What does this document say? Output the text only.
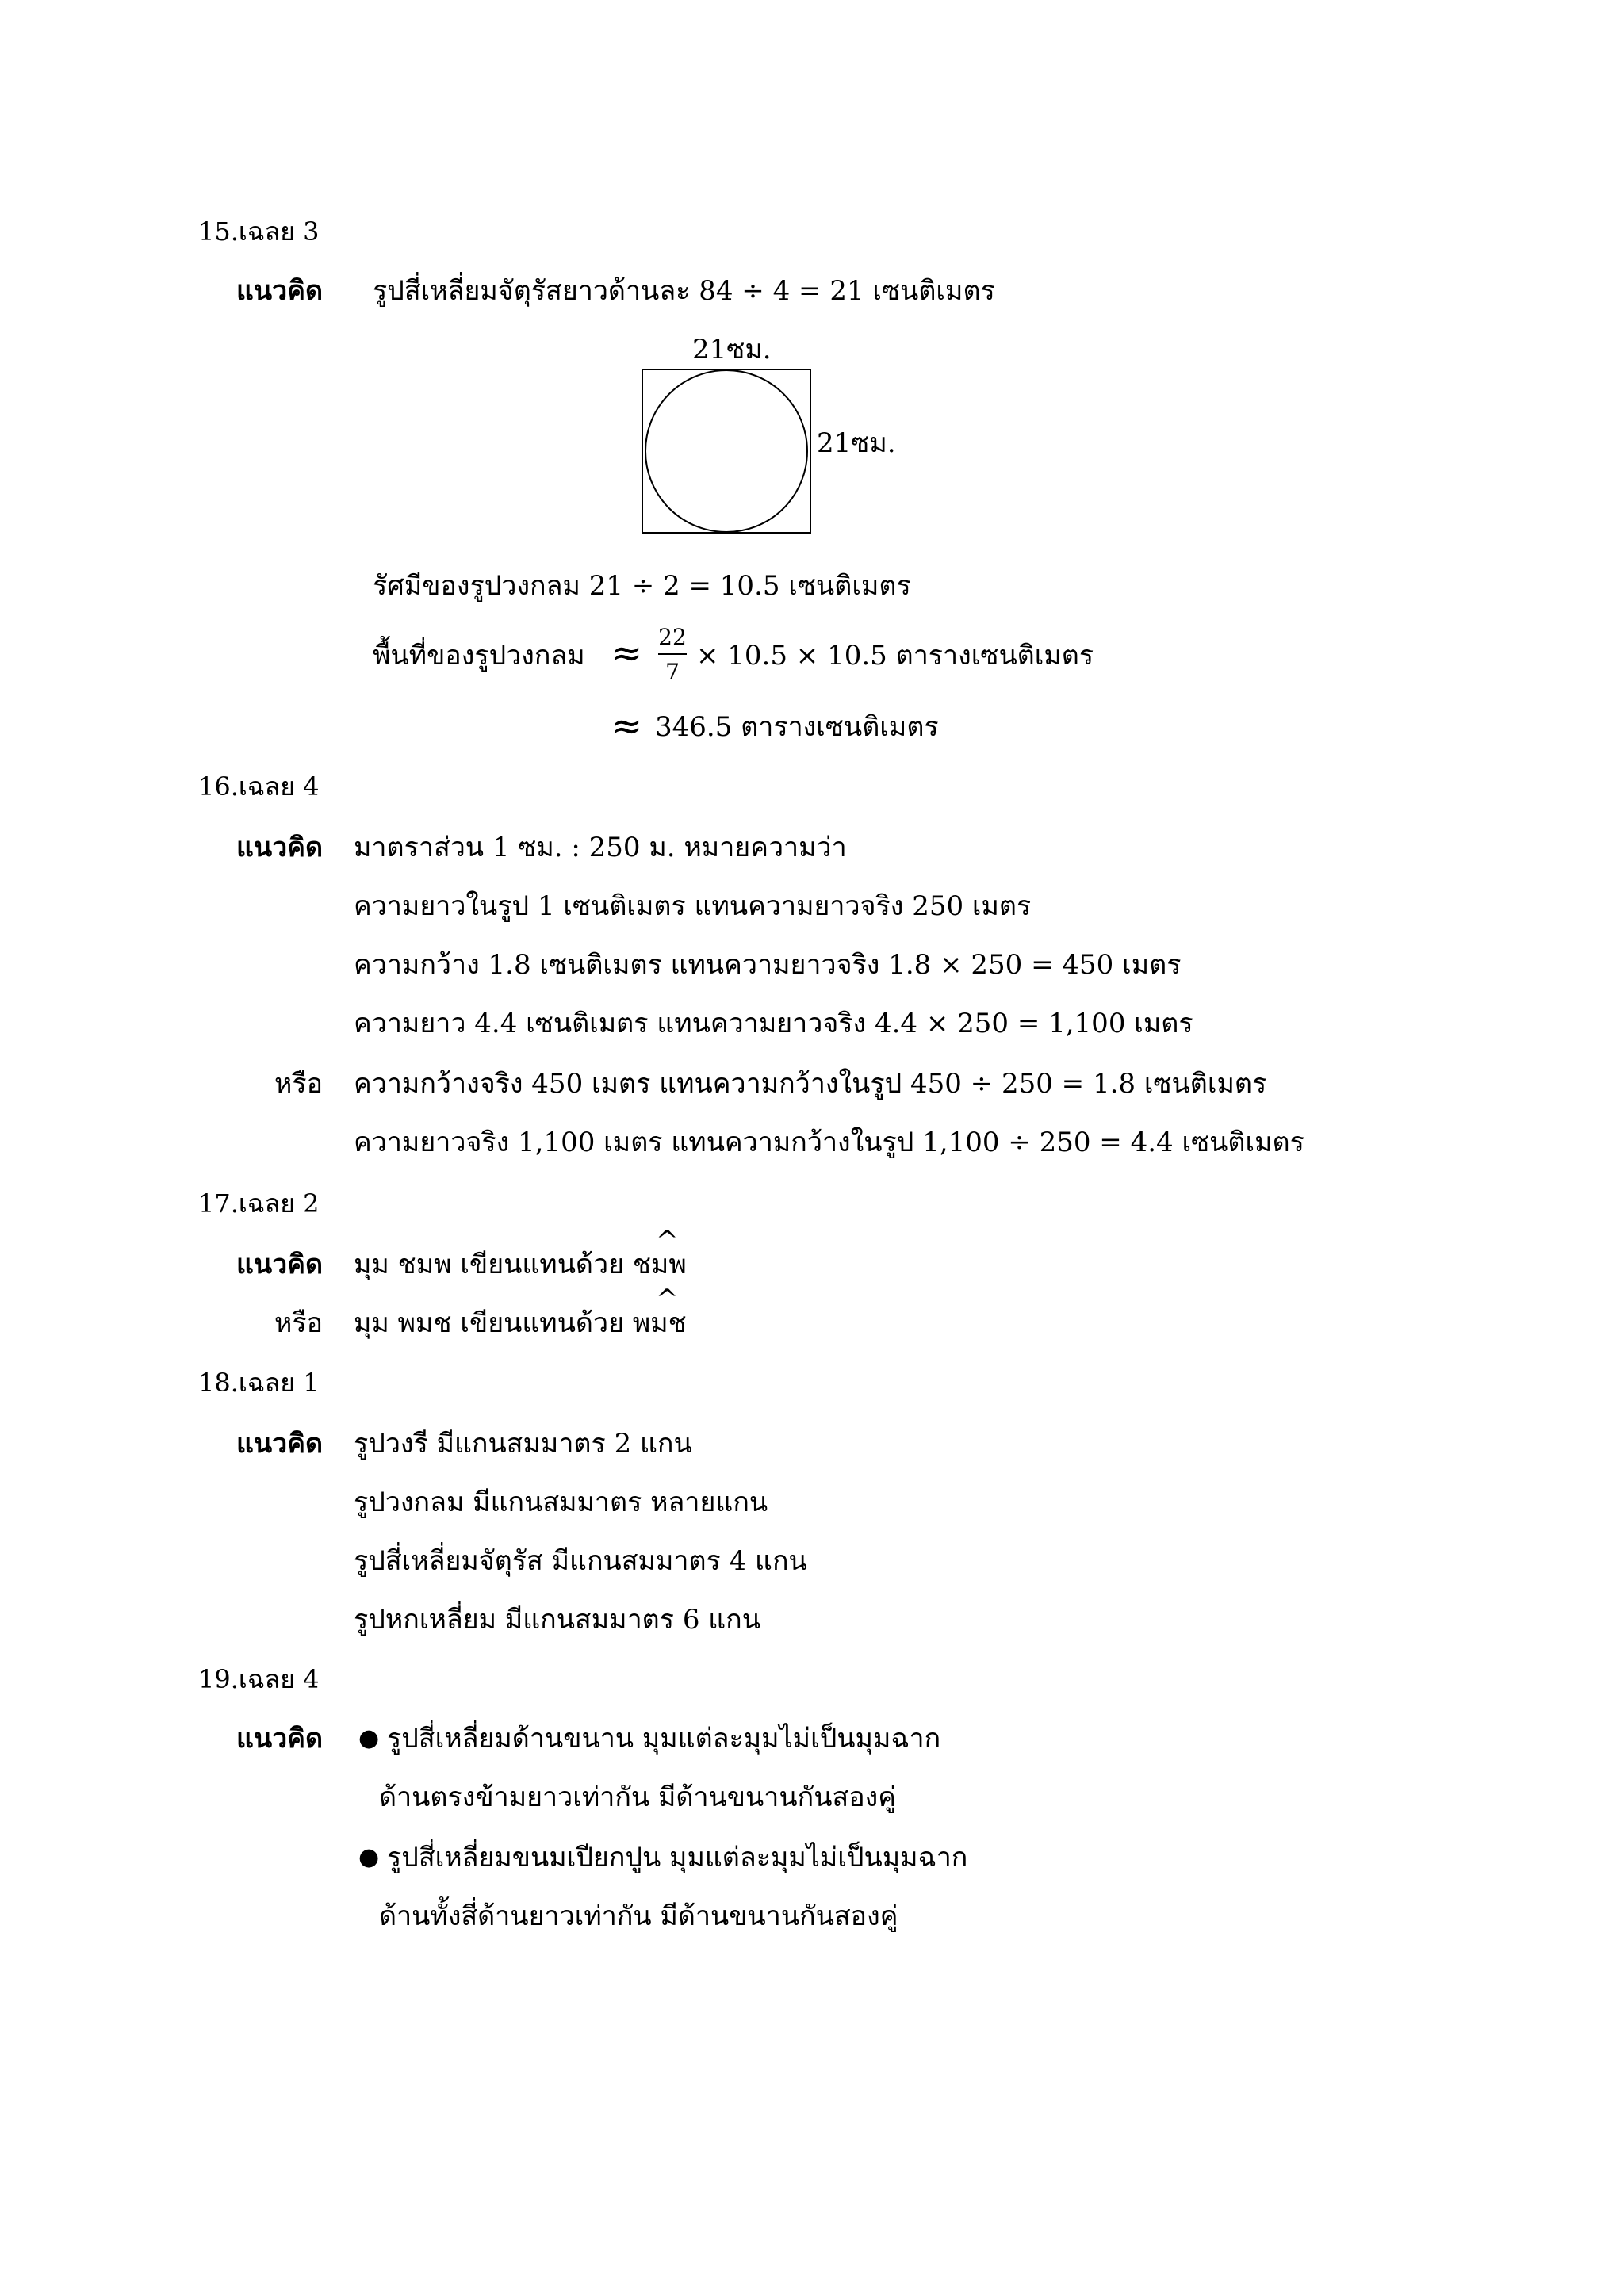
15.เฉลย 3
แนวคิด รูปสี่เหลี่ยมจัตุรัสยาวด้านละ 84 ÷ 4 = 21 เซนติเมตร
21ซม.
21ซม.
รัศมีของรูปวงกลม 21 ÷ 2 = 10.5 เซนติเมตร
พื้นที่ของรูปวงกลม ≈ 22
7
× 10.5 × 10.5 ตารางเซนติเมตร
≈ 346.5 ตารางเซนติเมตร
16.เฉลย 4
แนวคิด มาตราส่วน 1 ซม. : 250 ม. หมายความว่า
ความยาวในรูป 1 เซนติเมตร แทนความยาวจริง 250 เมตร
ความกว้าง 1.8 เซนติเมตร แทนความยาวจริง 1.8 × 250 = 450 เมตร
ความยาว 4.4 เซนติเมตร แทนความยาวจริง 4.4 × 250 = 1,100 เมตร
หรือ ความกว้างจริง 450 เมตร แทนความกว้างในรูป 450 ÷ 250 = 1.8 เซนติเมตร
ความยาวจริง 1,100 เมตร แทนความกว้างในรูป 1,100 ÷ 250 = 4.4 เซนติเมตร
17.เฉลย 2
แนวคิด มุม ชมพ เขียนแทนด้วย ชมพ
^
หรือ มุม พมช เขียนแทนด้วย พมช
^
18.เฉลย 1
แนวคิด รูปวงรี มีแกนสมมาตร 2 แกน
รูปวงกลม มีแกนสมมาตร หลายแกน
รูปสี่เหลี่ยมจัตุรัส มีแกนสมมาตร 4 แกน
รูปหกเหลี่ยม มีแกนสมมาตร 6 แกน
19.เฉลย 4
แนวคิด ● รูปสี่เหลี่ยมด้านขนาน มุมแต่ละมุมไม่เป็นมุมฉาก
ด้านตรงข้ามยาวเท่ากัน มีด้านขนานกันสองคู่
● รูปสี่เหลี่ยมขนมเปียกปูน มุมแต่ละมุมไม่เป็นมุมฉาก
ด้านทั้งสี่ด้านยาวเท่ากัน มีด้านขนานกันสองคู่
